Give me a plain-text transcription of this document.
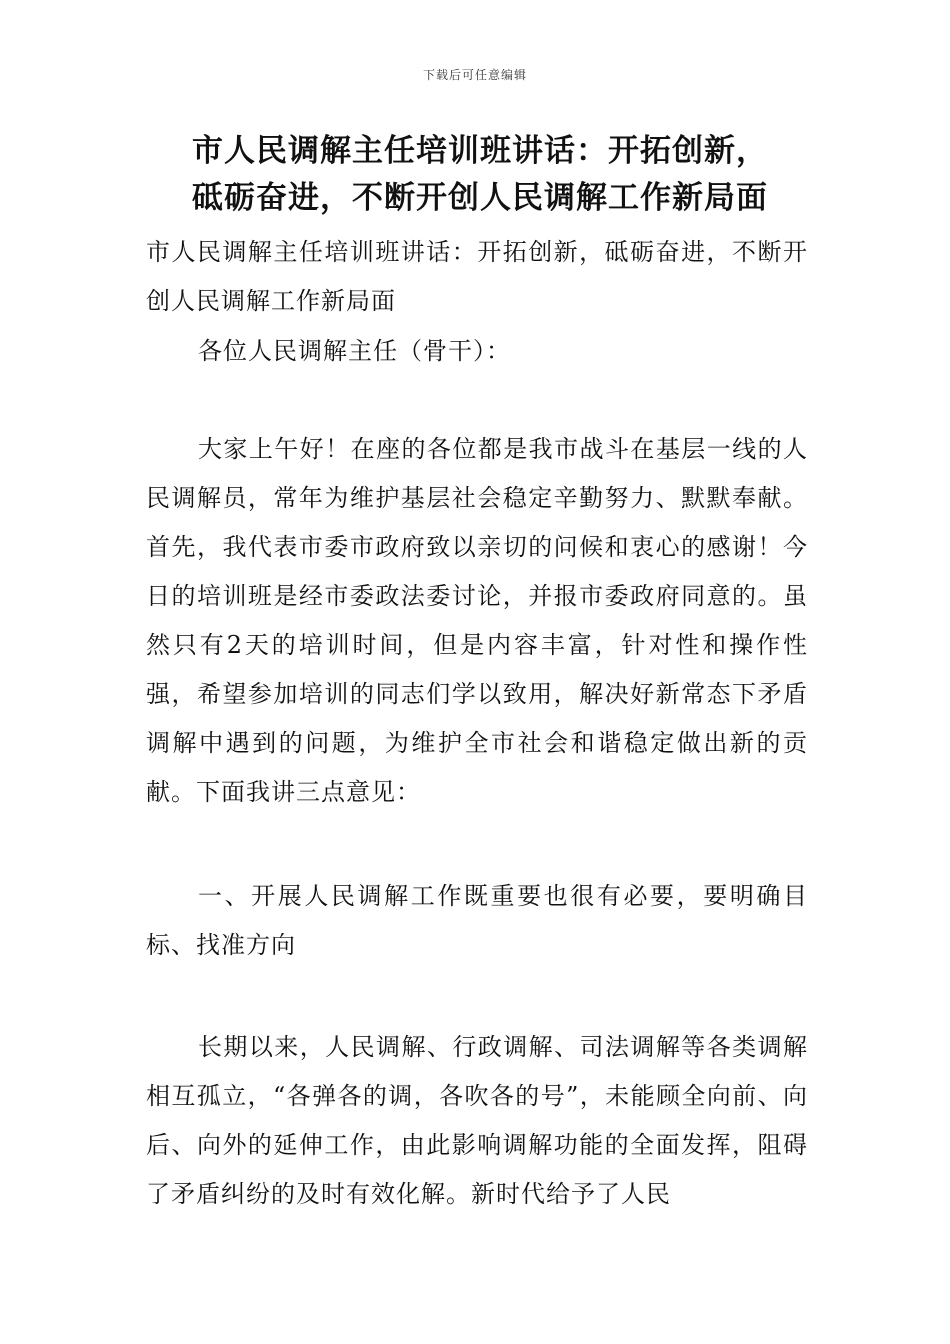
下载后可任意编辑
市人民调解主任培训班讲话：开拓创新，
砥砺奋进，不断开创人民调解工作新局面
市人民调解主任培训班讲话：开拓创新，砥砺奋进，不断开创人民调解工作新局面
各位人民调解主任（骨干）：
大家上午好！在座的各位都是我市战斗在基层一线的人民调解员，常年为维护基层社会稳定辛勤努力、默默奉献。首先，我代表市委市政府致以亲切的问候和衷心的感谢！今日的培训班是经市委政法委讨论，并报市委政府同意的。虽然只有2天的培训时间，但是内容丰富，针对性和操作性强，希望参加培训的同志们学以致用，解决好新常态下矛盾调解中遇到的问题，为维护全市社会和谐稳定做出新的贡献。下面我讲三点意见：
一、开展人民调解工作既重要也很有必要，要明确目标、找准方向
长期以来，人民调解、行政调解、司法调解等各类调解相互孤立，“各弹各的调，各吹各的号”，未能顾全向前、向后、向外的延伸工作，由此影响调解功能的全面发挥，阻碍了矛盾纠纷的及时有效化解。新时代给予了人民
